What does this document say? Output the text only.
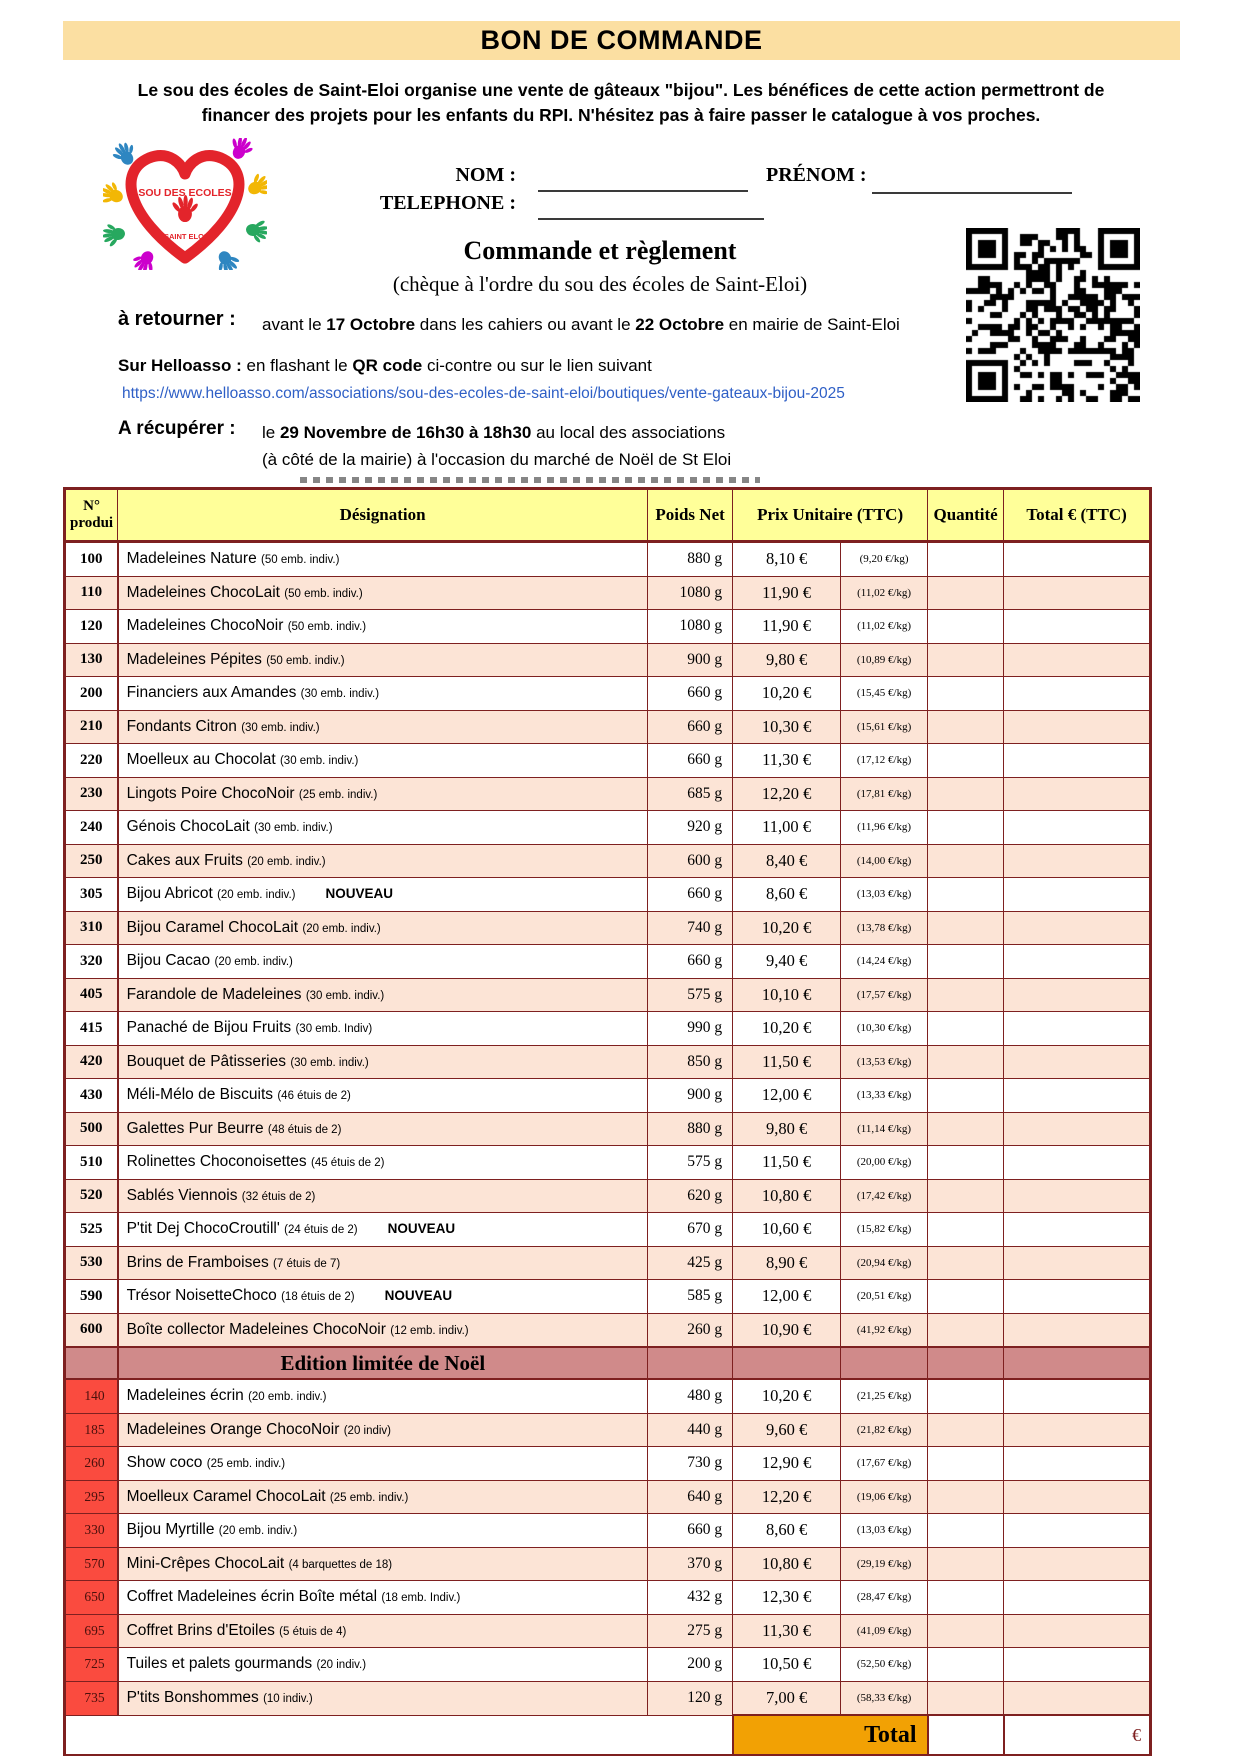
BON DE COMMANDE
Le sou des écoles de Saint-Eloi organise une vente de gâteaux "bijou". Les bénéfices de cette action permettront de
financer des projets pour les enfants du RPI. N'hésitez pas à faire passer le catalogue à vos proches.
SOU DES ECOLES
SAINT ELOI
NOM :	PRÉNOM :
TELEPHONE :
Commande et règlement
(chèque à l'ordre du sou des écoles de Saint-Eloi)
à retourner : avant le 17 Octobre dans les cahiers ou avant le 22 Octobre en mairie de Saint-Eloi
Sur Helloasso : en flashant le QR code ci-contre ou sur le lien suivant
https://www.helloasso.com/associations/sou-des-ecoles-de-saint-eloi/boutiques/vente-gateaux-bijou-2025
A récupérer : le 29 Novembre de 16h30 à 18h30 au local des associations
(à côté de la mairie) à l'occasion du marché de Noël de St Eloi
N°
produi	Désignation	Poids Net	Prix Unitaire (TTC)		Quantité	Total € (TTC)
100	Madeleines Nature (50 emb. indiv.)	880 g	8,10 €	(9,20 €/kg)		
110	Madeleines ChocoLait (50 emb. indiv.)	1080 g	11,90 €	(11,02 €/kg)		
120	Madeleines ChocoNoir (50 emb. indiv.)	1080 g	11,90 €	(11,02 €/kg)		
130	Madeleines Pépites (50 emb. indiv.)	900 g	9,80 €	(10,89 €/kg)		
200	Financiers aux Amandes (30 emb. indiv.)	660 g	10,20 €	(15,45 €/kg)		
210	Fondants Citron (30 emb. indiv.)	660 g	10,30 €	(15,61 €/kg)		
220	Moelleux au Chocolat (30 emb. indiv.)	660 g	11,30 €	(17,12 €/kg)		
230	Lingots Poire ChocoNoir (25 emb. indiv.)	685 g	12,20 €	(17,81 €/kg)		
240	Génois ChocoLait (30 emb. indiv.)	920 g	11,00 €	(11,96 €/kg)		
250	Cakes aux Fruits (20 emb. indiv.)	600 g	8,40 €	(14,00 €/kg)		
305	Bijou Abricot (20 emb. indiv.) NOUVEAU	660 g	8,60 €	(13,03 €/kg)		
310	Bijou Caramel ChocoLait (20 emb. indiv.)	740 g	10,20 €	(13,78 €/kg)		
320	Bijou Cacao (20 emb. indiv.)	660 g	9,40 €	(14,24 €/kg)		
405	Farandole de Madeleines (30 emb. indiv.)	575 g	10,10 €	(17,57 €/kg)		
415	Panaché de Bijou Fruits (30 emb. Indiv)	990 g	10,20 €	(10,30 €/kg)		
420	Bouquet de Pâtisseries (30 emb. indiv.)	850 g	11,50 €	(13,53 €/kg)		
430	Méli-Mélo de Biscuits (46 étuis de 2)	900 g	12,00 €	(13,33 €/kg)		
500	Galettes Pur Beurre (48 étuis de 2)	880 g	9,80 €	(11,14 €/kg)		
510	Rolinettes Choconoisettes (45 étuis de 2)	575 g	11,50 €	(20,00 €/kg)		
520	Sablés Viennois (32 étuis de 2)	620 g	10,80 €	(17,42 €/kg)		
525	P'tit Dej ChocoCroutill' (24 étuis de 2) NOUVEAU	670 g	10,60 €	(15,82 €/kg)		
530	Brins de Framboises (7 étuis de 7)	425 g	8,90 €	(20,94 €/kg)		
590	Trésor NoisetteChoco (18 étuis de 2) NOUVEAU	585 g	12,00 €	(20,51 €/kg)		
600	Boîte collector Madeleines ChocoNoir (12 emb. indiv.)	260 g	10,90 €	(41,92 €/kg)		
	Edition limitée de Noël					
140	Madeleines écrin (20 emb. indiv.)	480 g	10,20 €	(21,25 €/kg)		
185	Madeleines Orange ChocoNoir (20 indiv)	440 g	9,60 €	(21,82 €/kg)		
260	Show coco (25 emb. indiv.)	730 g	12,90 €	(17,67 €/kg)		
295	Moelleux Caramel ChocoLait (25 emb. indiv.)	640 g	12,20 €	(19,06 €/kg)		
330	Bijou Myrtille (20 emb. indiv.)	660 g	8,60 €	(13,03 €/kg)		
570	Mini-Crêpes ChocoLait (4 barquettes de 18)	370 g	10,80 €	(29,19 €/kg)		
650	Coffret Madeleines écrin Boîte métal (18 emb. Indiv.)	432 g	12,30 €	(28,47 €/kg)		
695	Coffret Brins d'Etoiles (5 étuis de 4)	275 g	11,30 €	(41,09 €/kg)		
725	Tuiles et palets gourmands (20 indiv.)	200 g	10,50 €	(52,50 €/kg)		
735	P'tits Bonshommes (10 indiv.)	120 g	7,00 €	(58,33 €/kg)		
			Total			€
